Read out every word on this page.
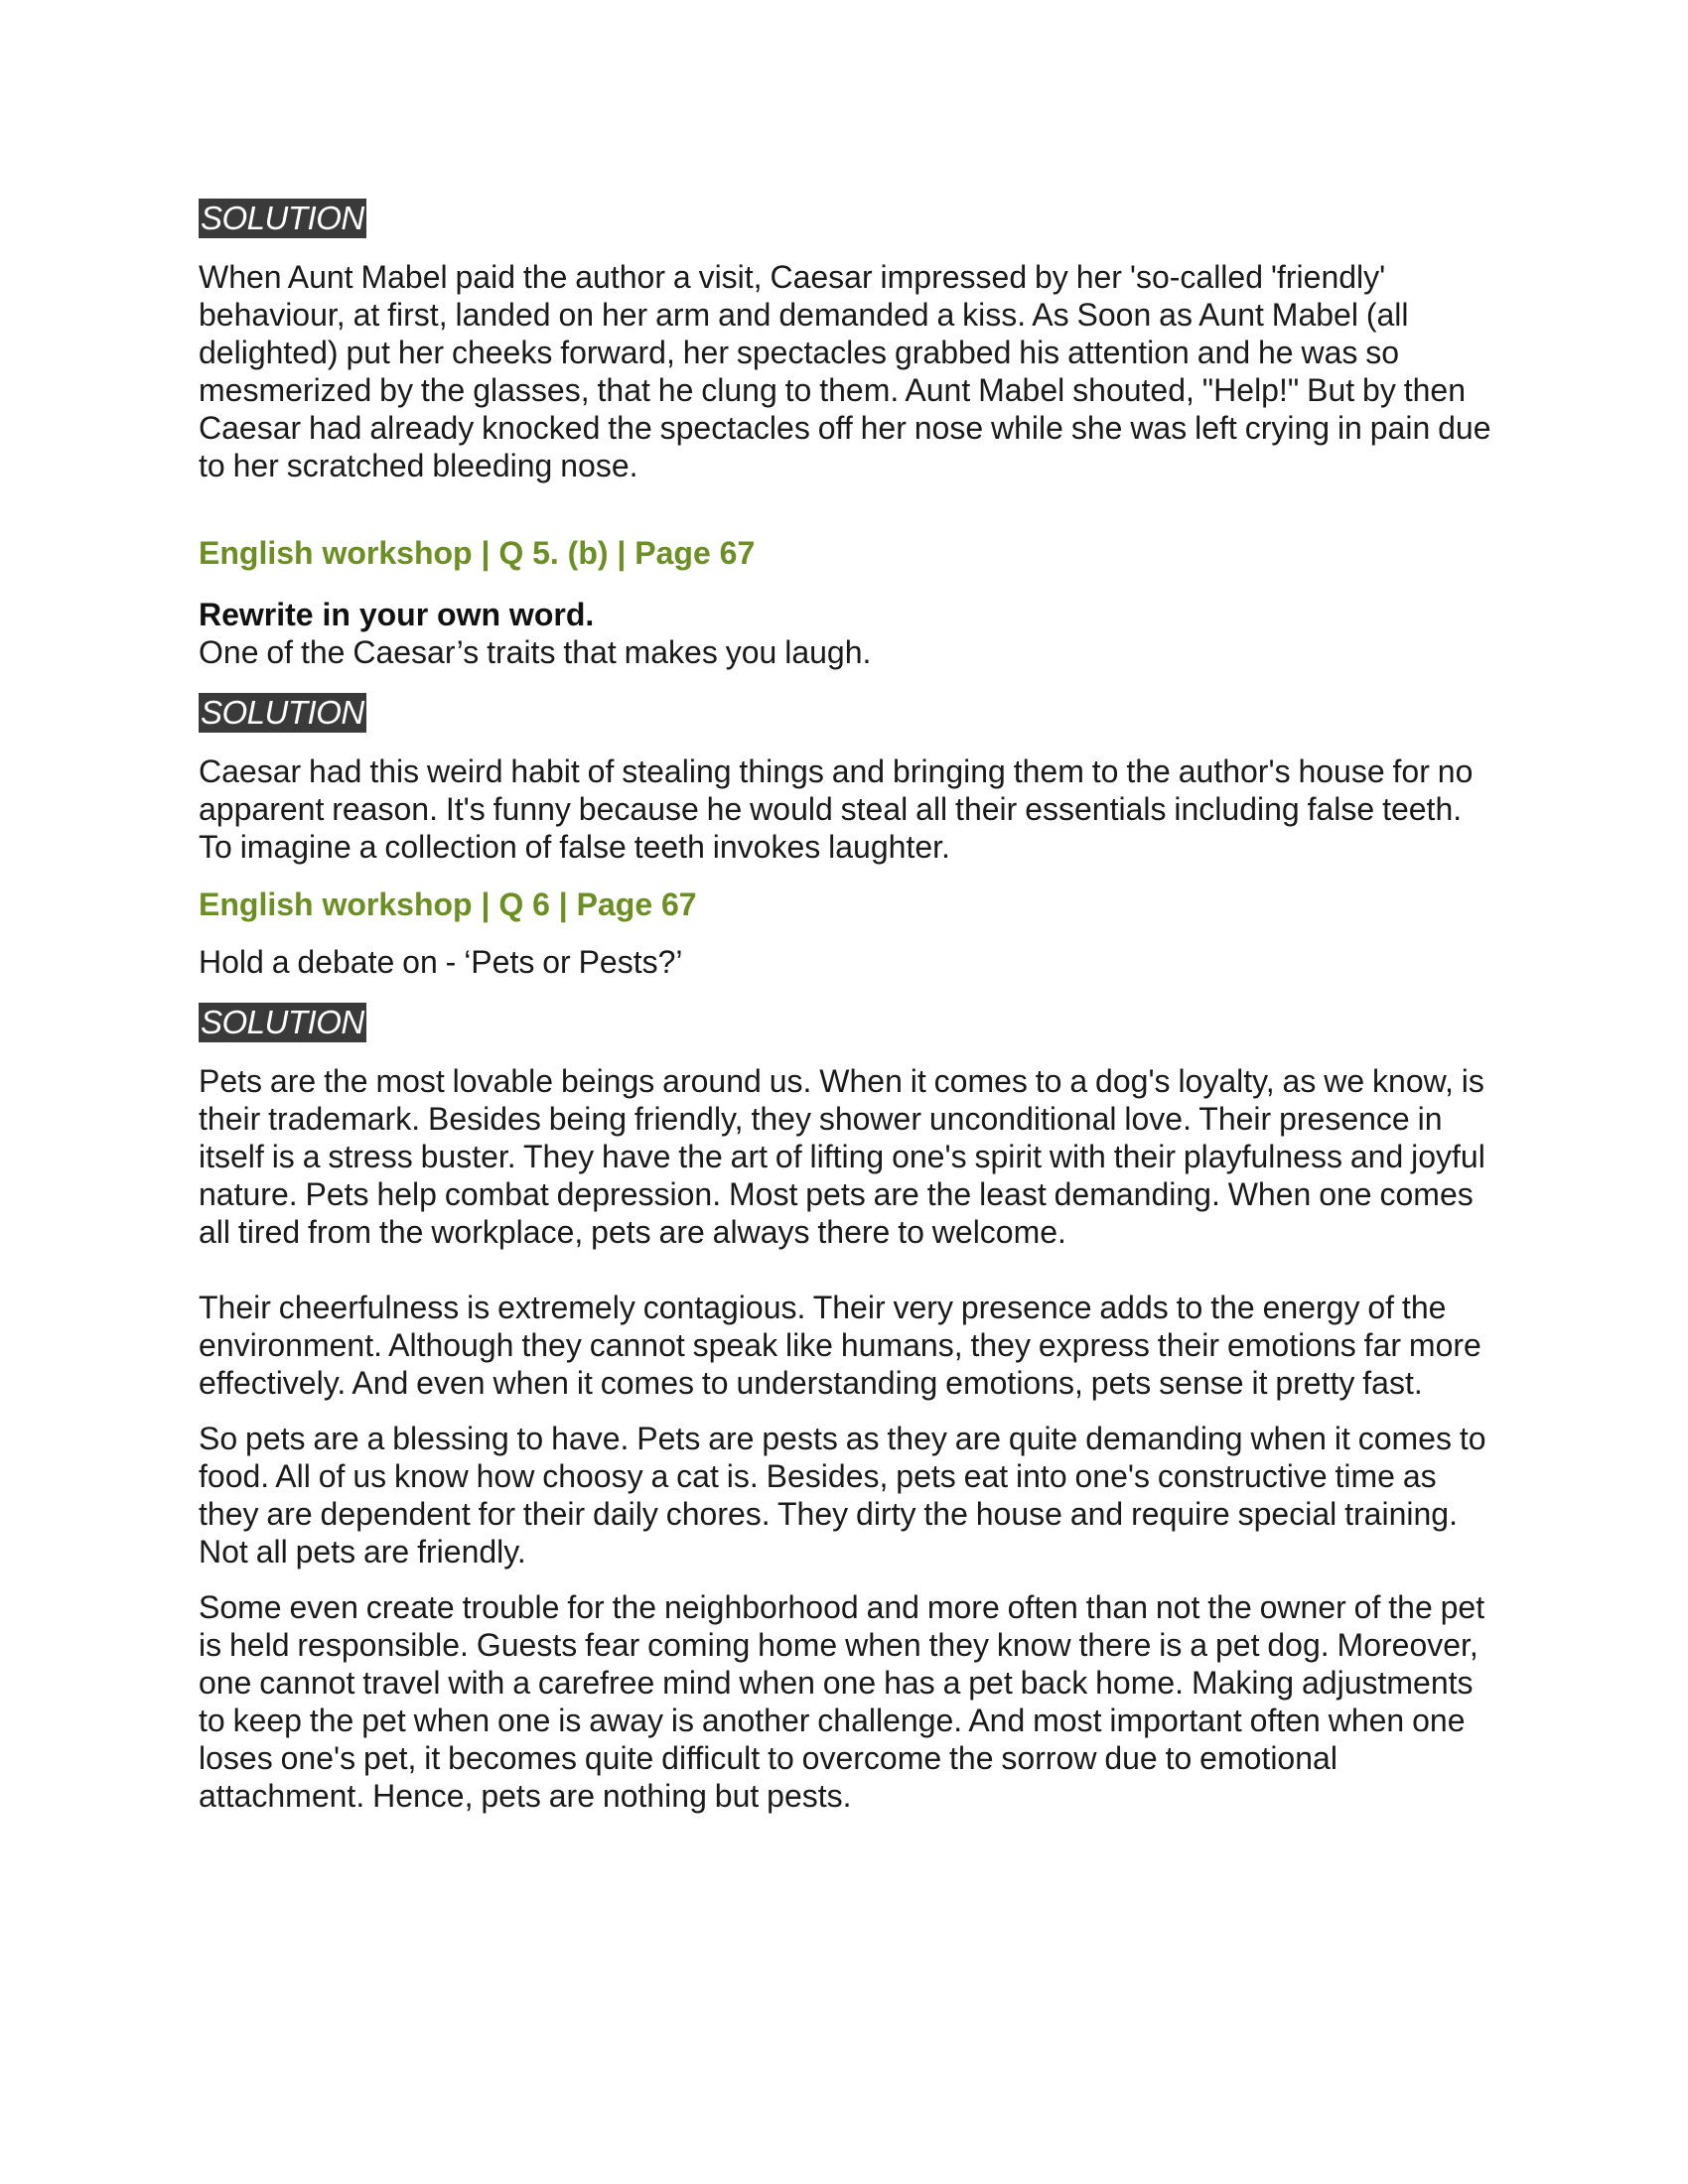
SOLUTION

When Aunt Mabel paid the author a visit, Caesar impressed by her 'so-called 'friendly' behaviour, at first, landed on her arm and demanded a kiss. As Soon as Aunt Mabel (all delighted) put her cheeks forward, her spectacles grabbed his attention and he was so mesmerized by the glasses, that he clung to them. Aunt Mabel shouted, "Help!" But by then Caesar had already knocked the spectacles off her nose while she was left crying in pain due to her scratched bleeding nose.

English workshop | Q 5. (b) | Page 67

Rewrite in your own word.

One of the Caesar’s traits that makes you laugh.

SOLUTION

Caesar had this weird habit of stealing things and bringing them to the author's house for no apparent reason. It's funny because he would steal all their essentials including false teeth. To imagine a collection of false teeth invokes laughter.

English workshop | Q 6 | Page 67

Hold a debate on - ‘Pets or Pests?’

SOLUTION

Pets are the most lovable beings around us. When it comes to a dog's loyalty, as we know, is their trademark. Besides being friendly, they shower unconditional love. Their presence in itself is a stress buster. They have the art of lifting one's spirit with their playfulness and joyful nature. Pets help combat depression. Most pets are the least demanding. When one comes all tired from the workplace, pets are always there to welcome.

Their cheerfulness is extremely contagious. Their very presence adds to the energy of the environment. Although they cannot speak like humans, they express their emotions far more effectively. And even when it comes to understanding emotions, pets sense it pretty fast.

So pets are a blessing to have. Pets are pests as they are quite demanding when it comes to food. All of us know how choosy a cat is. Besides, pets eat into one's constructive time as they are dependent for their daily chores. They dirty the house and require special training. Not all pets are friendly.

Some even create trouble for the neighborhood and more often than not the owner of the pet is held responsible. Guests fear coming home when they know there is a pet dog. Moreover, one cannot travel with a carefree mind when one has a pet back home. Making adjustments to keep the pet when one is away is another challenge. And most important often when one loses one's pet, it becomes quite difficult to overcome the sorrow due to emotional attachment. Hence, pets are nothing but pests.
